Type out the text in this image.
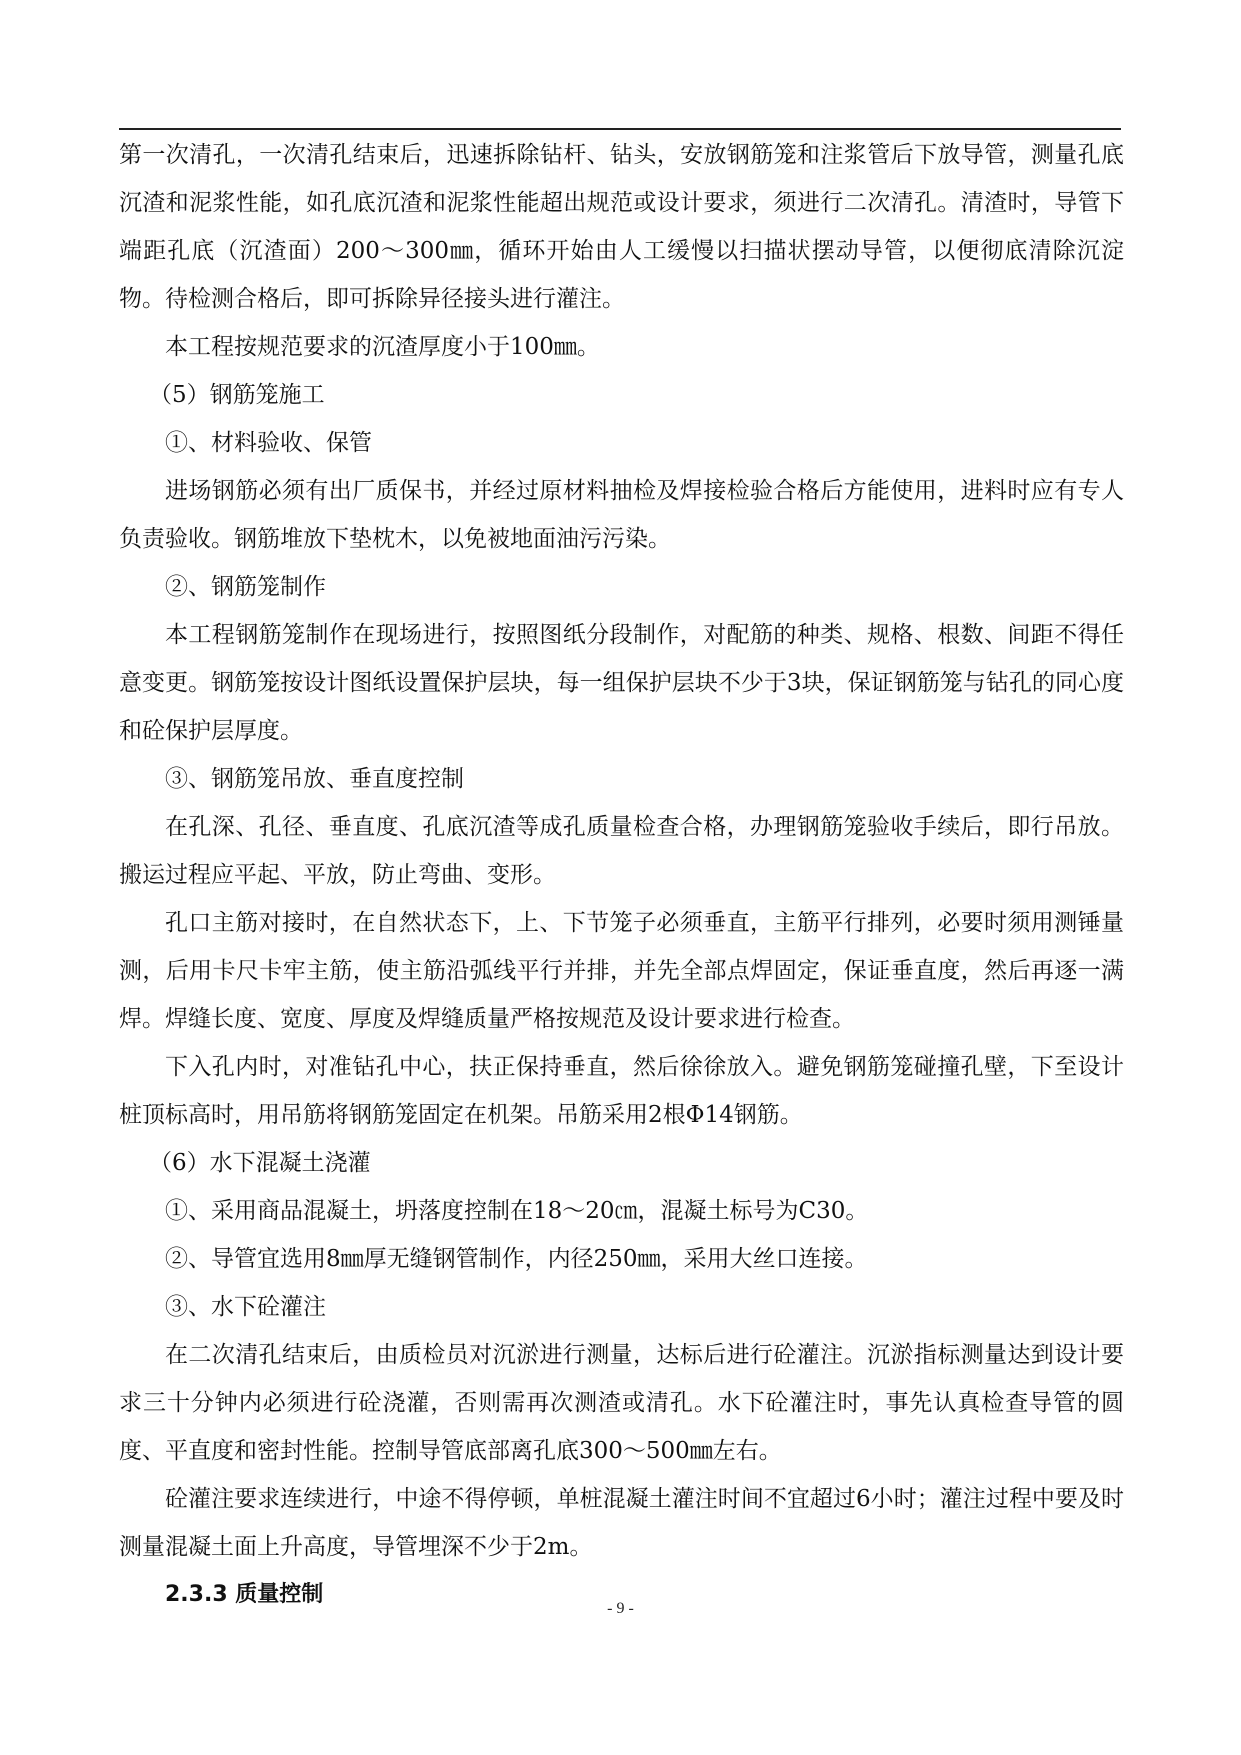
第一次清孔，一次清孔结束后，迅速拆除钻杆、钻头，安放钢筋笼和注浆管后下放导管，测量孔底沉渣和泥浆性能，如孔底沉渣和泥浆性能超出规范或设计要求，须进行二次清孔。清渣时，导管下端距孔底（沉渣面）200～300㎜，循环开始由人工缓慢以扫描状摆动导管，以便彻底清除沉淀物。待检测合格后，即可拆除异径接头进行灌注。

本工程按规范要求的沉渣厚度小于100㎜。

（5）钢筋笼施工

①、材料验收、保管

进场钢筋必须有出厂质保书，并经过原材料抽检及焊接检验合格后方能使用，进料时应有专人负责验收。钢筋堆放下垫枕木，以免被地面油污污染。

②、钢筋笼制作

本工程钢筋笼制作在现场进行，按照图纸分段制作，对配筋的种类、规格、根数、间距不得任意变更。钢筋笼按设计图纸设置保护层块，每一组保护层块不少于3块，保证钢筋笼与钻孔的同心度和砼保护层厚度。

③、钢筋笼吊放、垂直度控制

在孔深、孔径、垂直度、孔底沉渣等成孔质量检查合格，办理钢筋笼验收手续后，即行吊放。搬运过程应平起、平放，防止弯曲、变形。

孔口主筋对接时，在自然状态下，上、下节笼子必须垂直，主筋平行排列，必要时须用测锤量测，后用卡尺卡牢主筋，使主筋沿弧线平行并排，并先全部点焊固定，保证垂直度，然后再逐一满焊。焊缝长度、宽度、厚度及焊缝质量严格按规范及设计要求进行检查。

下入孔内时，对准钻孔中心，扶正保持垂直，然后徐徐放入。避免钢筋笼碰撞孔壁，下至设计桩顶标高时，用吊筋将钢筋笼固定在机架。吊筋采用2根Φ14钢筋。

（6）水下混凝土浇灌

①、采用商品混凝土，坍落度控制在18～20㎝，混凝土标号为C30。

②、导管宜选用8㎜厚无缝钢管制作，内径250㎜，采用大丝口连接。

③、水下砼灌注

在二次清孔结束后，由质检员对沉淤进行测量，达标后进行砼灌注。沉淤指标测量达到设计要求三十分钟内必须进行砼浇灌，否则需再次测渣或清孔。水下砼灌注时，事先认真检查导管的圆度、平直度和密封性能。控制导管底部离孔底300～500㎜左右。

砼灌注要求连续进行，中途不得停顿，单桩混凝土灌注时间不宜超过6小时；灌注过程中要及时测量混凝土面上升高度，导管埋深不少于2m。

2.3.3 质量控制

- 9 -
